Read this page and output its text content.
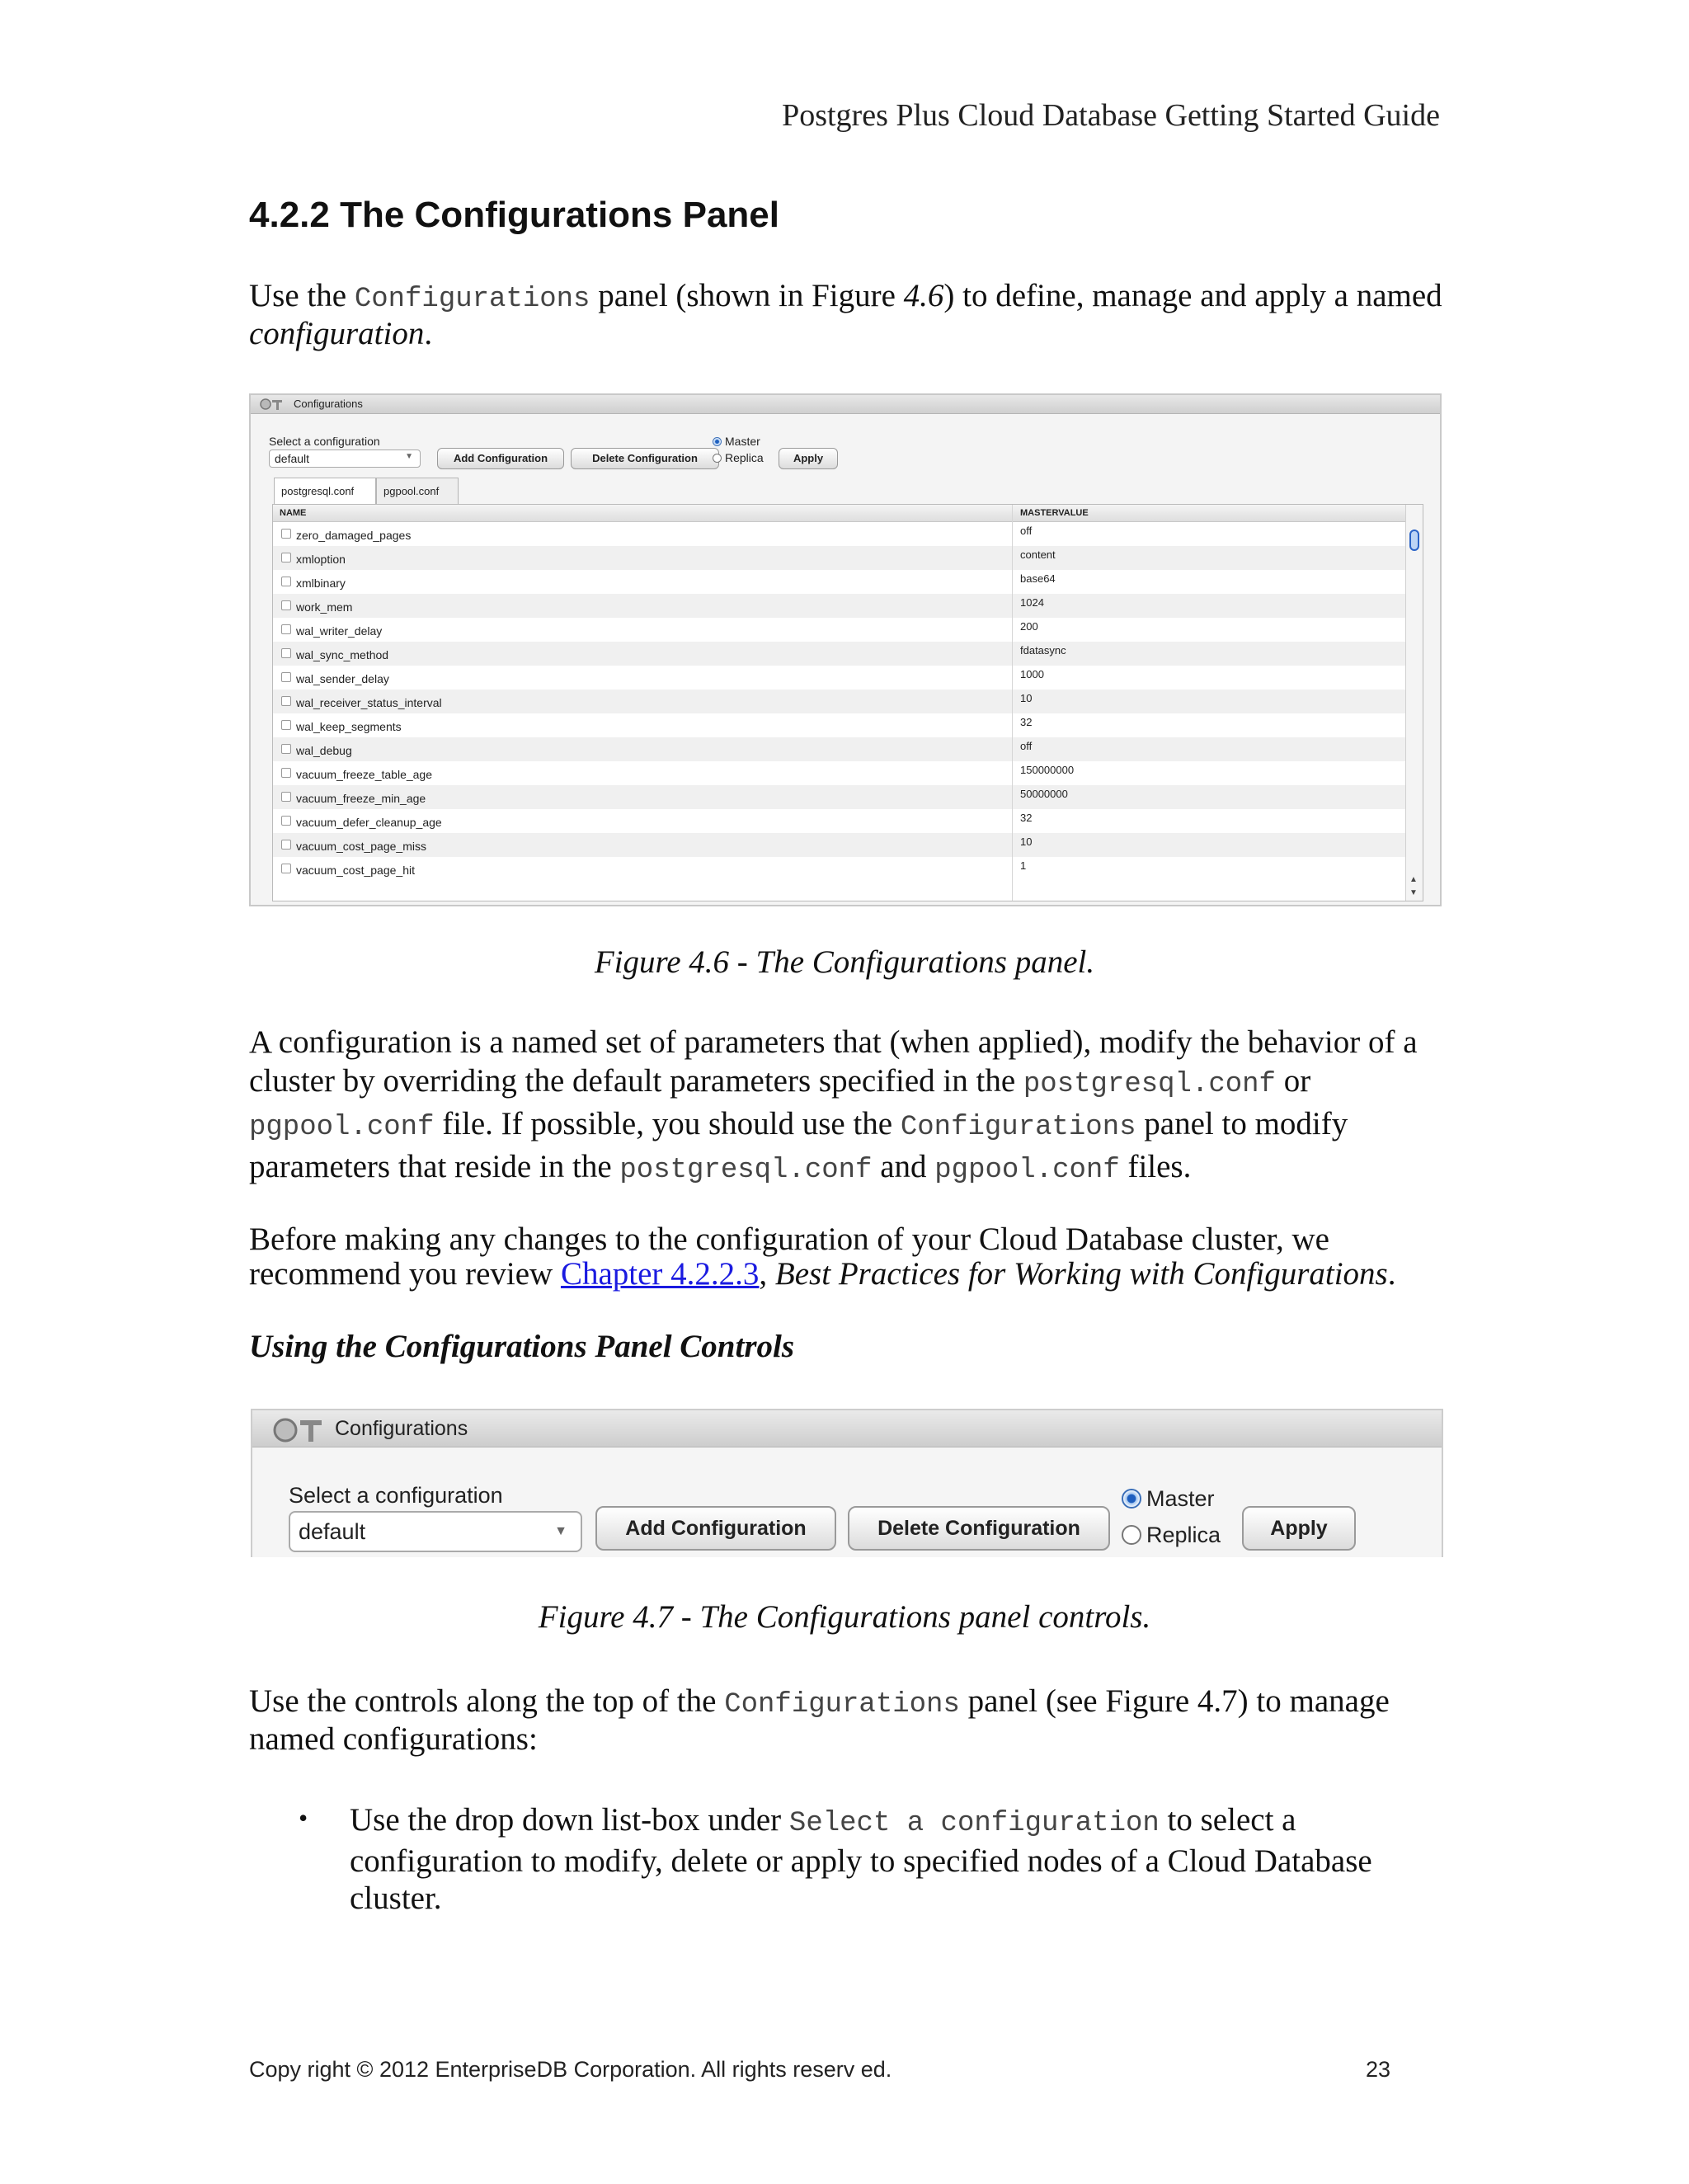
Postgres Plus Cloud Database Getting Started Guide
4.2.2 The Configurations Panel
Use the Configurations panel (shown in Figure 4.6) to define, manage and apply a named configuration.
Configurations
Select a configuration
default	▼	Add Configuration	Delete Configuration
Master
Replica	Apply
postgresql.conf	pgpool.conf
NAME	MASTERVALUE
zero_damaged_pages	off
xmloption	content
xmlbinary	base64
work_mem	1024
wal_writer_delay	200
wal_sync_method	fdatasync
wal_sender_delay	1000
wal_receiver_status_interval	10
wal_keep_segments	32
wal_debug	off
vacuum_freeze_table_age	150000000
vacuum_freeze_min_age	50000000
vacuum_defer_cleanup_age	32
vacuum_cost_page_miss	10
vacuum_cost_page_hit	1
▲
▼
Figure 4.6 - The Configurations panel.
A configuration is a named set of parameters that (when applied), modify the behavior of a cluster by overriding the default parameters specified in the postgresql.conf or pgpool.conf file. If possible, you should use the Configurations panel to modify parameters that reside in the postgresql.conf and pgpool.conf files.
Before making any changes to the configuration of your Cloud Database cluster, we recommend you review Chapter 4.2.2.3, Best Practices for Working with Configurations.
Using the Configurations Panel Controls
Configurations
Select a configuration
default	▼	Add Configuration	Delete Configuration
Master
Replica	Apply
Figure 4.7 - The Configurations panel controls.
Use the controls along the top of the Configurations panel (see Figure 4.7) to manage named configurations:
• Use the drop down list-box under Select a configuration to select a configuration to modify, delete or apply to specified nodes of a Cloud Database cluster.
Copy right © 2012 EnterpriseDB Corporation. All rights reserv ed.	23
